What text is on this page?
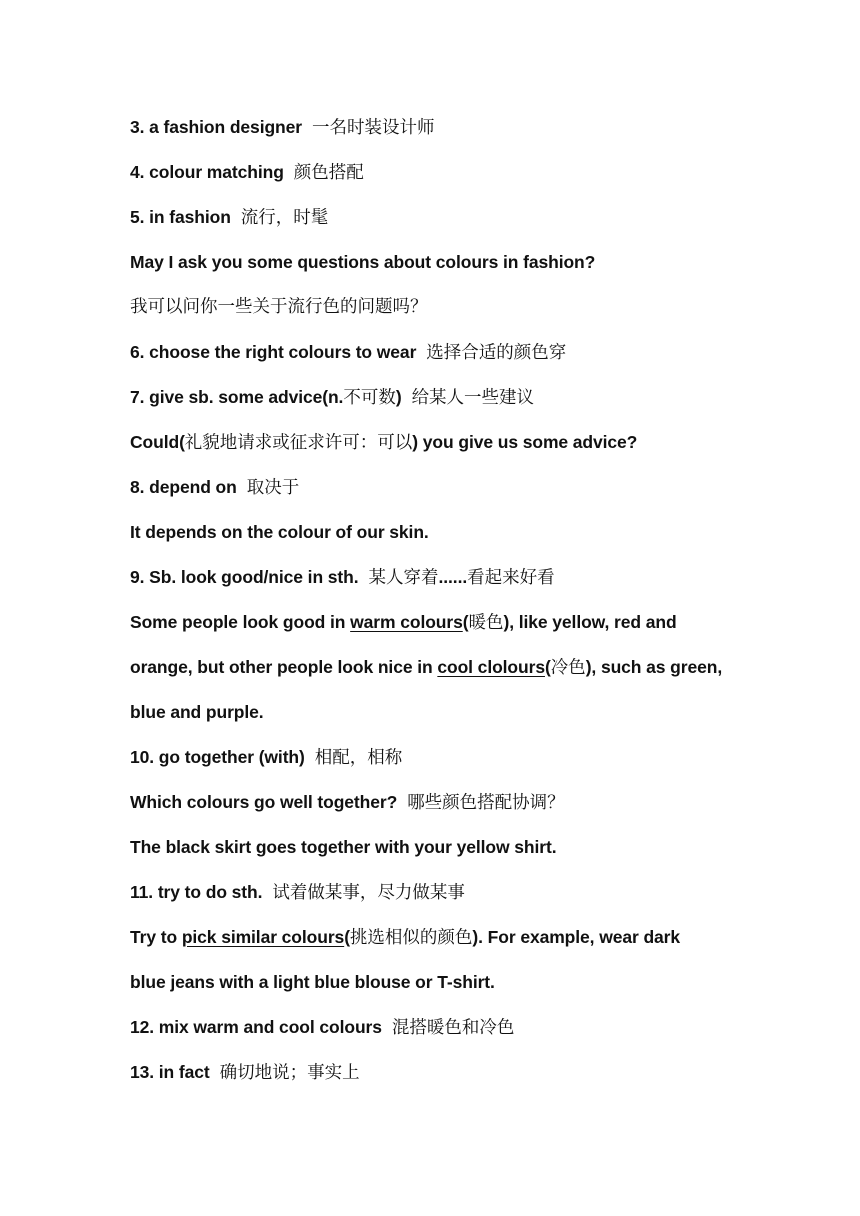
3. a fashion designer 一名时装设计师
4. colour matching 颜色搭配
5. in fashion 流行，时髦
May I ask you some questions about colours in fashion?
我可以问你一些关于流行色的问题吗？
6. choose the right colours to wear 选择合适的颜色穿
7. give sb. some advice(n.不可数) 给某人一些建议
Could(礼貌地请求或征求许可：可以) you give us some advice?
8. depend on 取决于
It depends on the colour of our skin.
9. Sb. look good/nice in sth. 某人穿着......看起来好看
Some people look good in warm colours(暖色), like yellow, red and
orange, but other people look nice in cool clolours(冷色), such as green,
blue and purple.
10. go together (with) 相配，相称
Which colours go well together? 哪些颜色搭配协调？
The black skirt goes together with your yellow shirt.
11. try to do sth. 试着做某事，尽力做某事
Try to pick similar colours(挑选相似的颜色). For example, wear dark
blue jeans with a light blue blouse or T-shirt.
12. mix warm and cool colours 混搭暖色和冷色
13. in fact 确切地说；事实上
